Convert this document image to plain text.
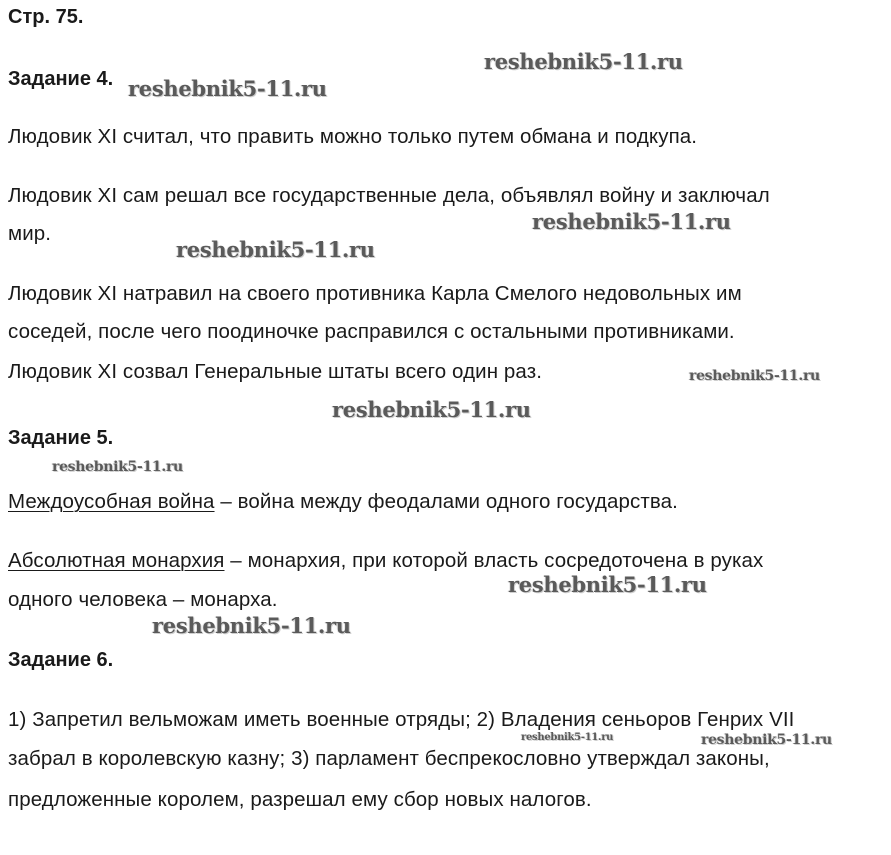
Стр. 75.
Задание 4.
Людовик XI считал, что править можно только путем обмана и подкупа.
Людовик XI сам решал все государственные дела, объявлял войну и заключал
мир.
Людовик XI натравил на своего противника Карла Смелого недовольных им
соседей, после чего поодиночке расправился с остальными противниками.
Людовик XI созвал Генеральные штаты всего один раз.
Задание 5.
Междоусобная война – война между феодалами одного государства.
Абсолютная монархия – монархия, при которой власть сосредоточена в руках
одного человека – монарха.
Задание 6.
1) Запретил вельможам иметь военные отряды; 2) Владения сеньоров Генрих VII
забрал в королевскую казну; 3) парламент беспрекословно утверждал законы,
предложенные королем, разрешал ему сбор новых налогов.
reshebnik5-11.ru
reshebnik5-11.ru
reshebnik5-11.ru
reshebnik5-11.ru
reshebnik5-11.ru
reshebnik5-11.ru
reshebnik5-11.ru
reshebnik5-11.ru
reshebnik5-11.ru
reshebnik5-11.ru	reshebnik5-11.ru
